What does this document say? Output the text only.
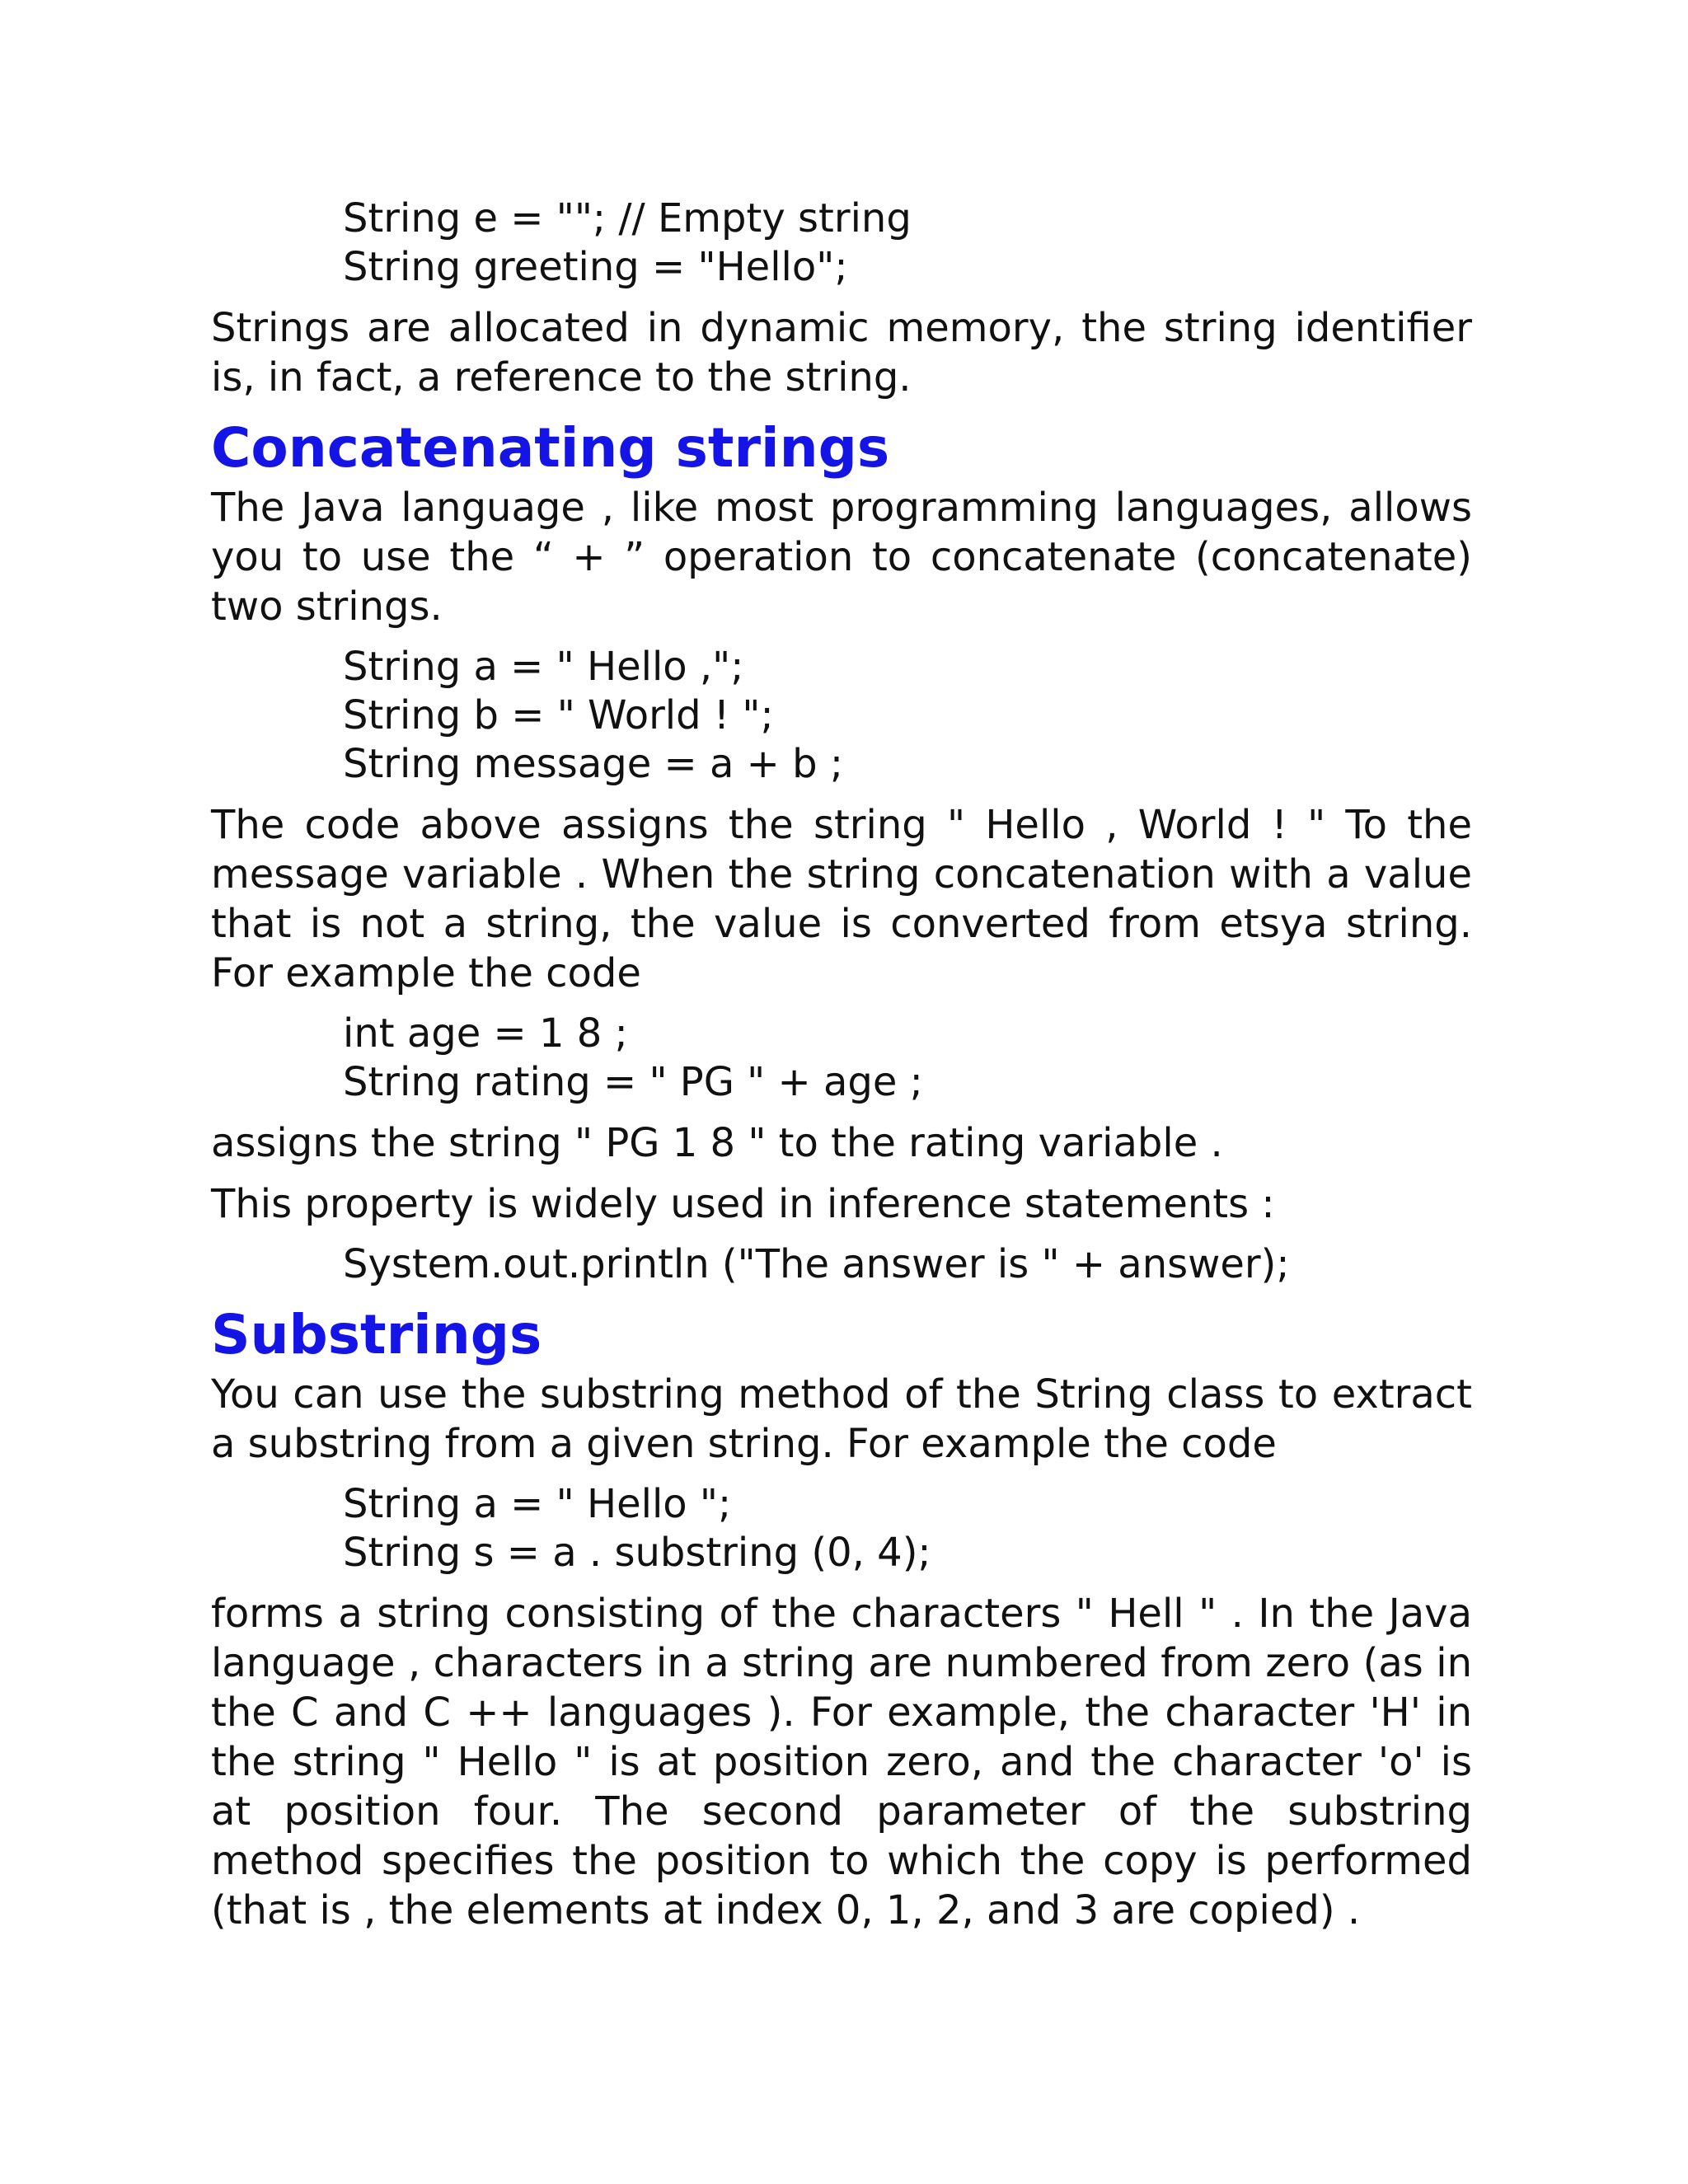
String e = ""; // Empty string
String greeting = "Hello";

Strings are allocated in dynamic memory, the string identifier is, in fact, a reference to the string.

Concatenating strings

The Java language , like most programming languages, allows you to use the “ + ” operation to concatenate (concatenate) two strings.

String a = " Hello ,";
String b = " World ! ";
String message = a + b ;

The code above assigns the string " Hello , World ! " To the message variable . When the string concatenation with a value that is not a string, the value is converted from etsya string. For example the code

int age = 1 8 ;
String rating = " PG " + age ;

assigns the string " PG 1 8 " to the rating variable .

This property is widely used in inference statements :

System.out.println ("The answer is " + answer);
Substrings

You can use the substring method of the String class to extract a substring from a given string. For example the code

String a = " Hello ";
String s = a . substring (0, 4);

forms a string consisting of the characters " Hell " . In the Java language , characters in a string are numbered from zero (as in the C and C ++ languages ). For example, the character 'H' in the string " Hello " is at position zero, and the character 'o' is at position four. The second parameter of the substring method specifies the position to which the copy is performed (that is , the elements at index 0, 1, 2, and 3 are copied) .
